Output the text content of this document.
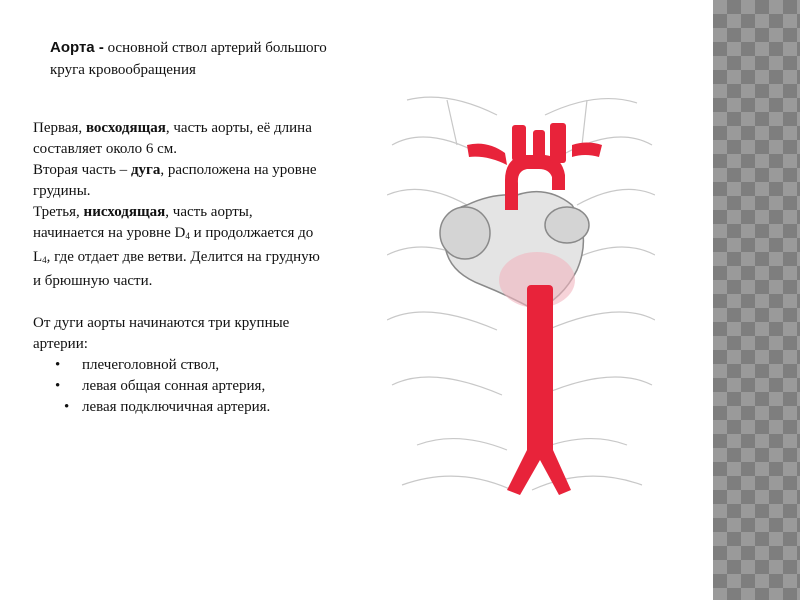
Аорта - основной ствол артерий большого круга кровообращения

Первая, восходящая, часть аорты, её длина составляет около 6 см.
Вторая часть – дуга, расположена на уровне грудины.
Третья, нисходящая, часть аорты, начинается на уровне $D_4$ и продолжается до $L_4$, где отдает две ветви. Делится на грудную и брюшную части.

От дуги аорты начинаются три крупные артерии:

• плечеголовной ствол,
• левая общая сонная артерия,
• левая подключичная артерия.
